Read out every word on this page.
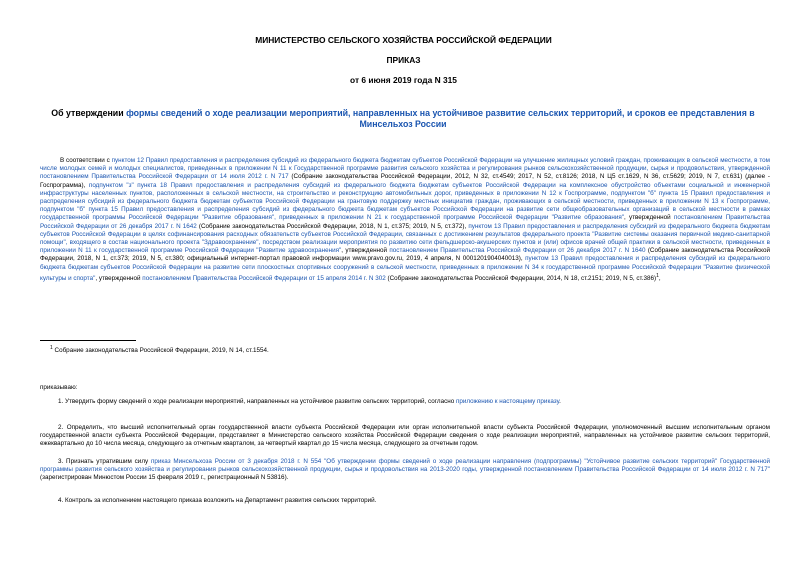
МИНИСТЕРСТВО СЕЛЬСКОГО ХОЗЯЙСТВА РОССИЙСКОЙ ФЕДЕРАЦИИ
ПРИКАЗ
от 6 июня 2019 года N 315
Об утверждении формы сведений о ходе реализации мероприятий, направленных на устойчивое развитие сельских территорий, и сроков ее представления в Минсельхоз России
В соответствии с пунктом 12 Правил предоставления и распределения субсидий из федерального бюджета бюджетам субъектов Российской Федерации на улучшение жилищных условий граждан, проживающих в сельской местности, в том числе молодых семей и молодых специалистов, приведенных в приложении N 11 к Государственной программе развития сельского хозяйства и регулирования рынков сельскохозяйственной продукции, сырья и продовольствия, утвержденной постановлением Правительства Российской Федерации от 14 июля 2012 г. N 717 (Собрание законодательства Российской Федерации, 2012, N 32, ст.4549; 2017, N 52, ст.8126; 2018, N Ц5 ст.1629, N 36, ст.5629; 2019, N 7, ст.631) (далее - Госпрограмма), подпунктом "з" пункта 18 Правил предоставления и распределения субсидий из федерального бюджета бюджетам субъектов Российской Федерации на комплексное обустройство объектами социальной и инженерной инфраструктуры населенных пунктов, расположенных в сельской местности, на строительство и реконструкцию автомобильных дорог, приведенных в приложении N 12 к Госпрограмме, подпунктом "б" пункта 15 Правил предоставления и распределения субсидий из федерального бюджета бюджетам субъектов Российской Федерации на грантовую поддержку местных инициатив граждан, проживающих в сельской местности, приведенных в приложении N 13 к Госпрограмме, подпунктом "б" пункта 15 Правил предоставления и распределения субсидий из федерального бюджета бюджетам субъектов Российской Федерации на развитие сети общеобразовательных организаций в сельской местности в рамках государственной программы Российской Федерации "Развитие образования", приведенных в приложении N 21 к государственной программе Российской Федерации "Развитие образования", утвержденной постановлением Правительства Российской Федерации от 26 декабря 2017 г. N 1642 (Собрание законодательства Российской Федерации, 2018, N 1, ст.375; 2019, N 5, ст.372), пунктом 13 Правил предоставления и распределения субсидий из федерального бюджета бюджетам субъектов Российской Федерации в целях софинансирования расходных обязательств субъектов Российской Федерации, связанных с достижением результатов федерального проекта "Развитие системы оказания первичной медико-санитарной помощи", входящего в состав национального проекта "Здравоохранение", посредством реализации мероприятия по развитию сети фельдшерско-акушерских пунктов и (или) офисов врачей общей практики в сельской местности, приведенных в приложении N 11 к государственной программе Российской Федерации "Развитие здравоохранения", утвержденной постановлением Правительства Российской Федерации от 26 декабря 2017 г. N 1640 (Собрание законодательства Российской Федерации, 2018, N 1, ст.373; 2019, N 5, ст.380; официальный интернет-портал правовой информации www.pravo.gov.ru, 2019, 4 апреля, N 0001201904040013), пунктом 13 Правил предоставления и распределения субсидий из федерального бюджета бюджетам субъектов Российской Федерации на развитие сети плоскостных спортивных сооружений в сельской местности, приведенных в приложении N 34 к государственной программе Российской Федерации "Развитие физической культуры и спорта", утвержденной постановлением Правительства Российской Федерации от 15 апреля 2014 г. N 302 (Собрание законодательства Российской Федерации, 2014, N 18, ст.2151; 2019, N 5, ст.386)$^1$,
$^1$ Собрание законодательства Российской Федерации, 2019, N 14, ст.1554.
приказываю:
1. Утвердить форму сведений о ходе реализации мероприятий, направленных на устойчивое развитие сельских территорий, согласно приложению к настоящему приказу.
2. Определить, что высший исполнительный орган государственной власти субъекта Российской Федерации или орган исполнительной власти субъекта Российской Федерации, уполномоченный высшим исполнительным органом государственной власти субъекта Российской Федерации, представляет в Министерство сельского хозяйства Российской Федерации сведения о ходе реализации мероприятий, направленных на устойчивое развитие сельских территорий, ежеквартально до 10 числа месяца, следующего за отчетным кварталом, за четвертый квартал до 15 числа месяца, следующего за отчетным годом.
3. Признать утратившим силу приказ Минсельхоза России от 3 декабря 2018 г. N 554 "Об утверждении формы сведений о ходе реализации направления (подпрограммы) "Устойчивое развитие сельских территорий" Государственной программы развития сельского хозяйства и регулирования рынков сельскохозяйственной продукции, сырья и продовольствия на 2013-2020 годы, утвержденной постановлением Правительства Российской Федерации от 14 июля 2012 г. N 717" (зарегистрирован Минюстом России 15 февраля 2019 г., регистрационный N 53816).
4. Контроль за исполнением настоящего приказа возложить на Департамент развития сельских территорий.
